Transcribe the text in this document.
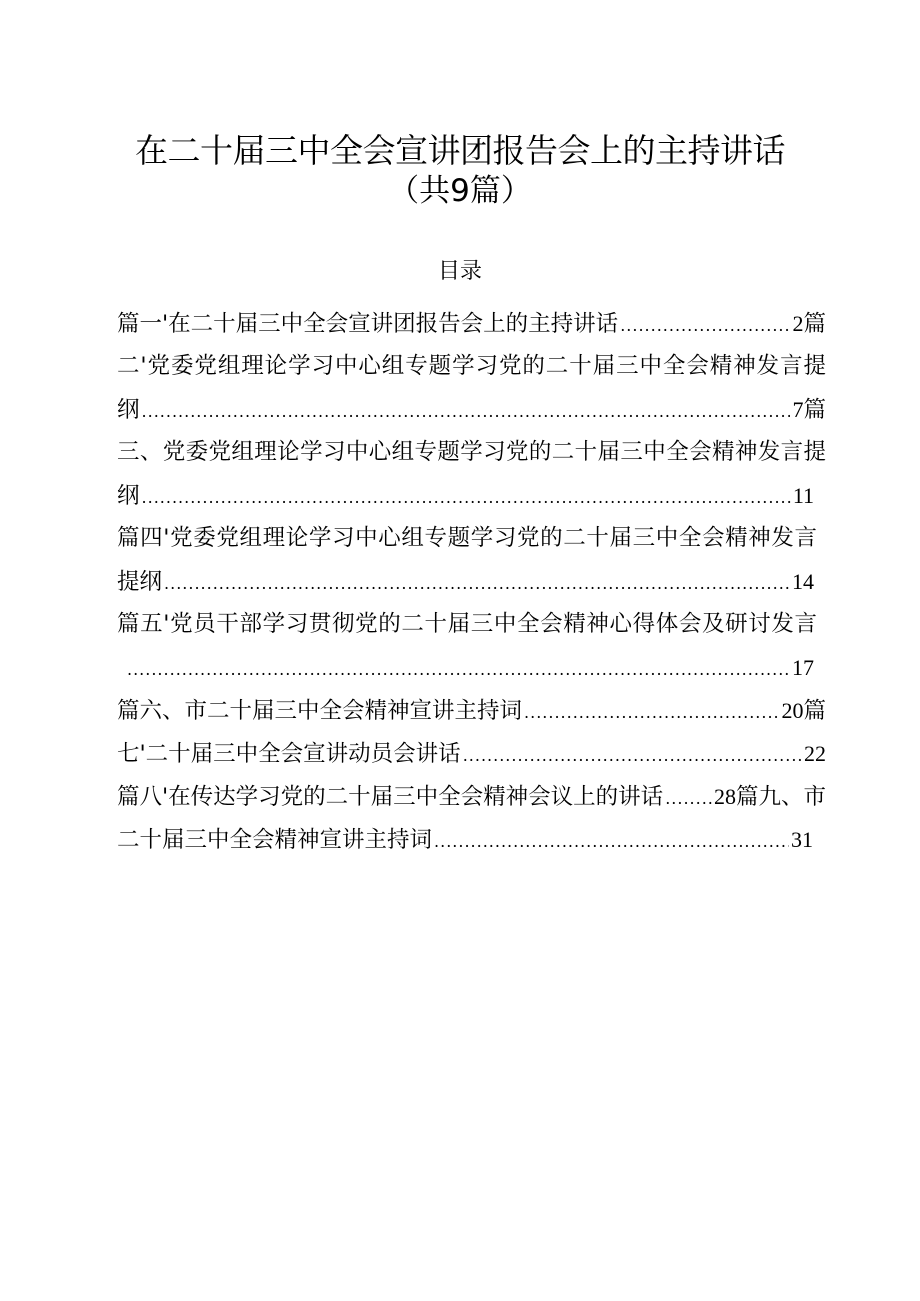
在二十届三中全会宣讲团报告会上的主持讲话
（共9篇）
目录
篇一'在二十届三中全会宣讲团报告会上的主持讲话 .....	2 篇
二'党委党组理论学习中心组专题学习党的二十届三中全会精神发言提
纲 .....	7 篇
三、党委党组理论学习中心组专题学习党的二十届三中全会精神发言提
纲 .....	11
篇四'党委党组理论学习中心组专题学习党的二十届三中全会精神发言
提纲 .....	14
篇五'党员干部学习贯彻党的二十届三中全会精神心得体会及研讨发言
.....
17
篇六、市二十届三中全会精神宣讲主持词 .....	20 篇
七'二十届三中全会宣讲动员会讲话 .....	22
篇八'在传达学习党的二十届三中全会精神会议上的讲话 ..... 28 篇九、市
二十届三中全会精神宣讲主持词 .....	31
